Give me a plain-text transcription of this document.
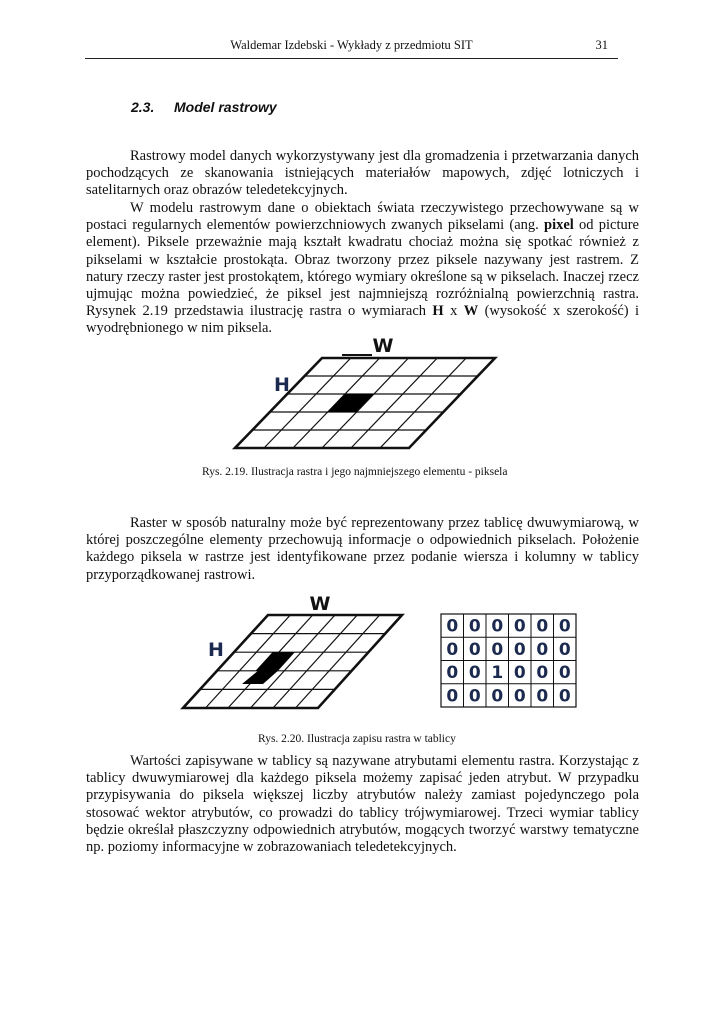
Waldemar Izdebski - Wykłady z przedmiotu SIT	31
2.3. Model rastrowy

Rastrowy model danych wykorzystywany jest dla gromadzenia i przetwarzania danych pochodzących ze skanowania istniejących materiałów mapowych, zdjęć lotniczych i satelitarnych oraz obrazów teledetekcyjnych.

W modelu rastrowym dane o obiektach świata rzeczywistego przechowywane są w postaci regularnych elementów powierzchniowych zwanych pikselami (ang. pixel od picture element). Piksele przeważnie mają kształt kwadratu chociaż można się spotkać również z pikselami w kształcie prostokąta. Obraz tworzony przez piksele nazywany jest rastrem. Z natury rzeczy raster jest prostokątem, którego wymiary określone są w pikselach. Inaczej rzecz ujmując można powiedzieć, że piksel jest najmniejszą rozróżnialną powierzchnią rastra. Rysynek 2.19 przedstawia ilustrację rastra o wymiarach H x W (wysokość x szerokość) i wyodrębnionego w nim piksela.

W
H
Rys. 2.19. Ilustracja rastra i jego najmniejszego elementu - piksela

Raster w sposób naturalny może być reprezentowany przez tablicę dwuwymiarową, w której poszczególne elementy przechowują informacje o odpowiednich pikselach. Położenie każdego piksela w rastrze jest identyfikowane przez podanie wiersza i kolumny w tablicy przyporządkowanej rastrowi.

W
H
0 0 0 0 0 0
0 0 0 0 0 0
0 0 1 0 0 0
0 0 0 0 0 0
Rys. 2.20. Ilustracja zapisu rastra w tablicy

Wartości zapisywane w tablicy są nazywane atrybutami elementu rastra. Korzystając z tablicy dwuwymiarowej dla każdego piksela możemy zapisać jeden atrybut. W przypadku przypisywania do piksela większej liczby atrybutów należy zamiast pojedynczego pola stosować wektor atrybutów, co prowadzi do tablicy trójwymiarowej. Trzeci wymiar tablicy będzie określał płaszczyzny odpowiednich atrybutów, mogących tworzyć warstwy tematyczne np. poziomy informacyjne w zobrazowaniach teledetekcyjnych.
